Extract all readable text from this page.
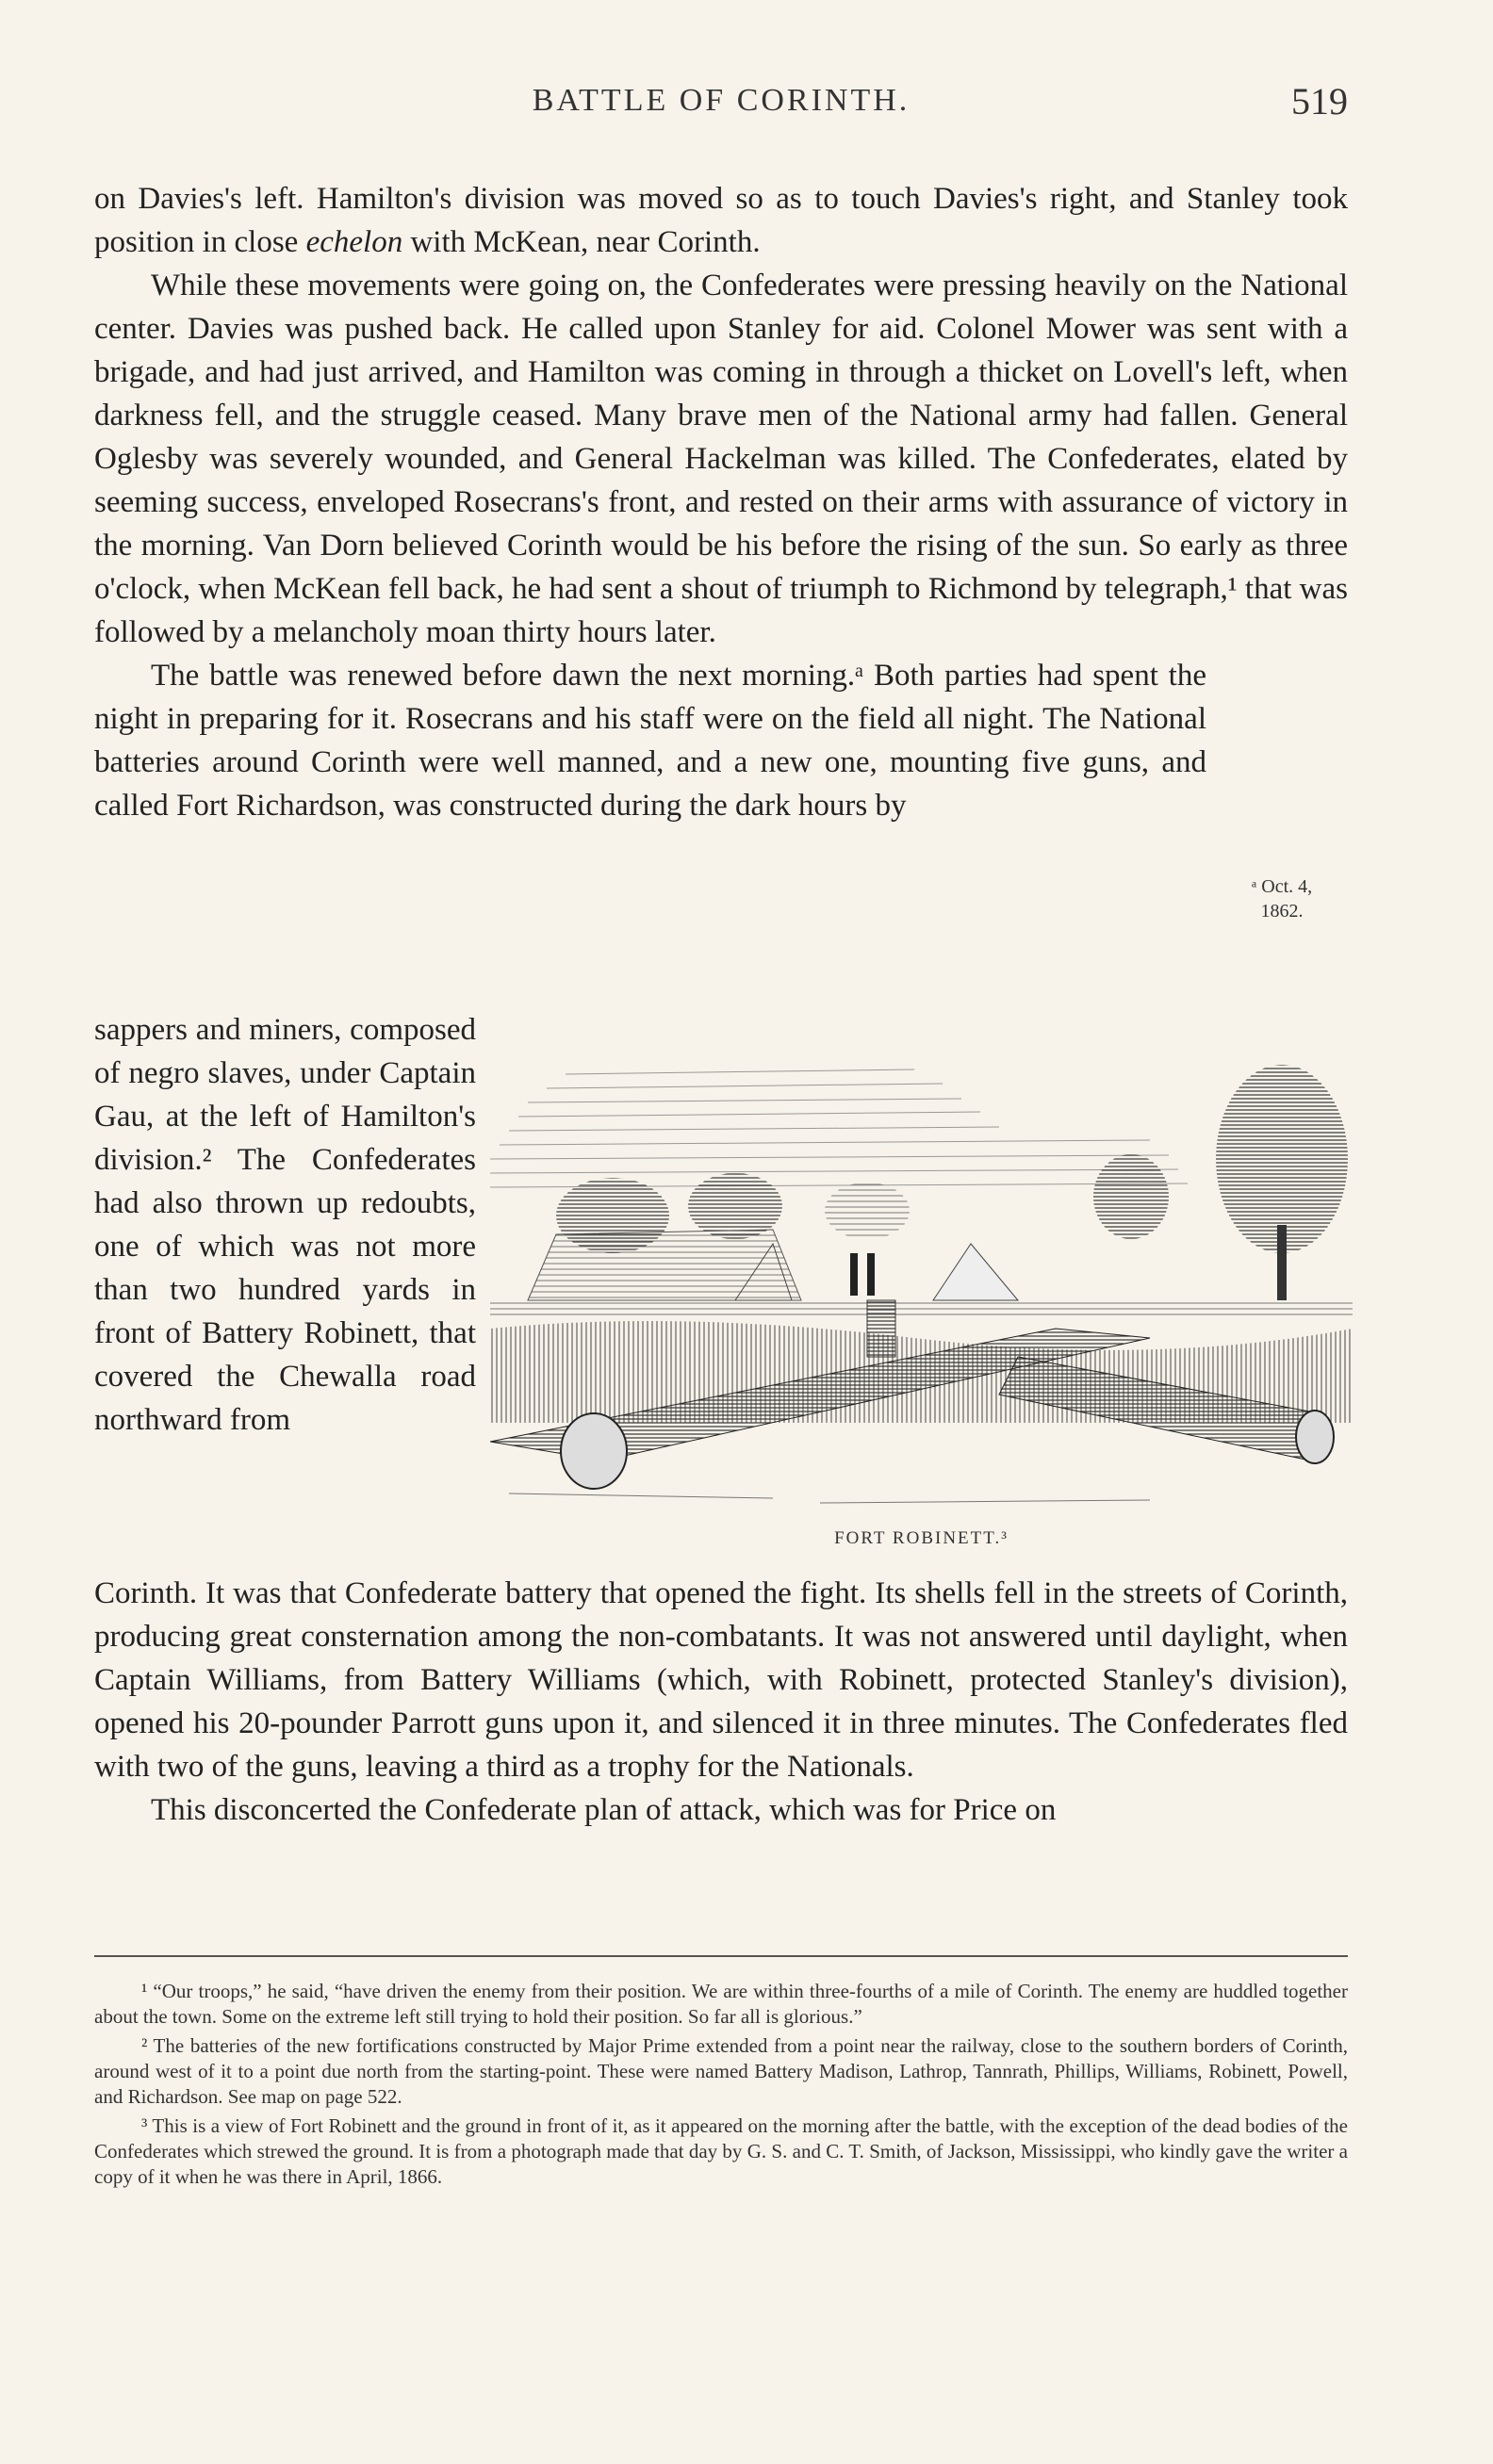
BATTLE OF CORINTH.	519

on Davies's left. Hamilton's division was moved so as to touch Davies's right, and Stanley took position in close echelon with McKean, near Corinth.

While these movements were going on, the Confederates were pressing heavily on the National center. Davies was pushed back. He called upon Stanley for aid. Colonel Mower was sent with a brigade, and had just arrived, and Hamilton was coming in through a thicket on Lovell's left, when darkness fell, and the struggle ceased. Many brave men of the National army had fallen. General Oglesby was severely wounded, and General Hackelman was killed. The Confederates, elated by seeming success, enveloped Rosecrans's front, and rested on their arms with assurance of victory in the morning. Van Dorn believed Corinth would be his before the rising of the sun. So early as three o'clock, when McKean fell back, he had sent a shout of triumph to Richmond by telegraph,¹ that was followed by a melancholy moan thirty hours later.

The battle was renewed before dawn the next morning.ᵃ Both parties had spent the night in preparing for it. Rosecrans and his staff were on the field all night. The National batteries around Corinth were well manned, and a new one, mounting five guns, and called Fort Richardson, was constructed during the dark hours by

ᵃ Oct. 4,
1862.

sappers and miners, composed of negro slaves, under Captain Gau, at the left of Hamilton's division.² The Confederates had also thrown up redoubts, one of which was not more than two hundred yards in front of Battery Robinett, that covered the Chewalla road northward from

FORT ROBINETT.³

Corinth. It was that Confederate battery that opened the fight. Its shells fell in the streets of Corinth, producing great consternation among the non-combatants. It was not answered until daylight, when Captain Williams, from Battery Williams (which, with Robinett, protected Stanley's division), opened his 20-pounder Parrott guns upon it, and silenced it in three minutes. The Confederates fled with two of the guns, leaving a third as a trophy for the Nationals.

This disconcerted the Confederate plan of attack, which was for Price on

¹ “Our troops,” he said, “have driven the enemy from their position. We are within three-fourths of a mile of Corinth. The enemy are huddled together about the town. Some on the extreme left still trying to hold their position. So far all is glorious.”

² The batteries of the new fortifications constructed by Major Prime extended from a point near the railway, close to the southern borders of Corinth, around west of it to a point due north from the starting-point. These were named Battery Madison, Lathrop, Tannrath, Phillips, Williams, Robinett, Powell, and Richardson. See map on page 522.

³ This is a view of Fort Robinett and the ground in front of it, as it appeared on the morning after the battle, with the exception of the dead bodies of the Confederates which strewed the ground. It is from a photograph made that day by G. S. and C. T. Smith, of Jackson, Mississippi, who kindly gave the writer a copy of it when he was there in April, 1866.
